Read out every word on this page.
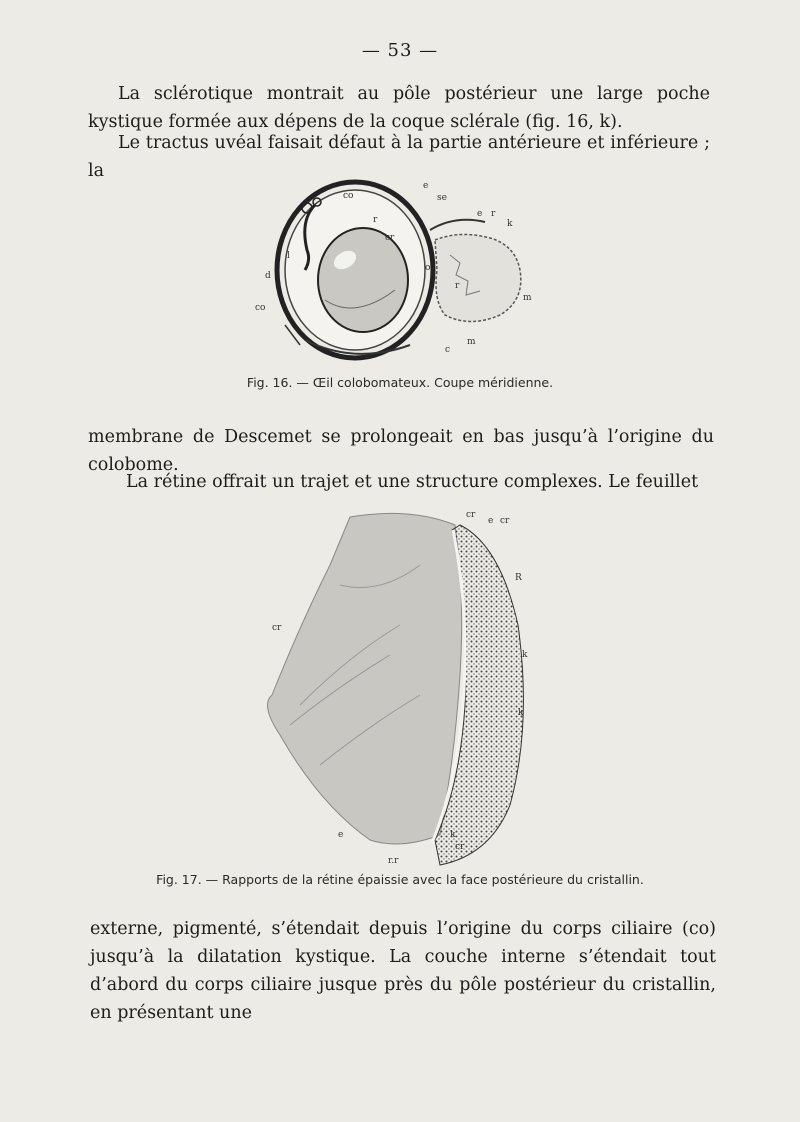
— 53 —

La sclérotique montrait au pôle postérieur une large poche kystique formée aux dépens de la coque sclérale (fig. 16, k).

Le tractus uvéal faisait défaut à la partie antérieure et inférieure ; la

e
se
co
r
cr
e r
k
l
d
o
r
m
co
c
c
m
Fig. 16. — Œil colobomateux. Coupe méridienne.

membrane de Descemet se prolongeait en bas jusqu’à l’origine du colobome.

La rétine offrait un trajet et une structure complexes. Le feuillet

cr
e cr
R
cr
k
k
e	k
cr
r.r
Fig. 17. — Rapports de la rétine épaissie avec la face postérieure du cristallin.

externe, pigmenté, s’étendait depuis l’origine du corps ciliaire (co) jusqu’à la dilatation kystique. La couche interne s’étendait tout d’abord du corps ciliaire jusque près du pôle postérieur du cristallin, en présentant une
